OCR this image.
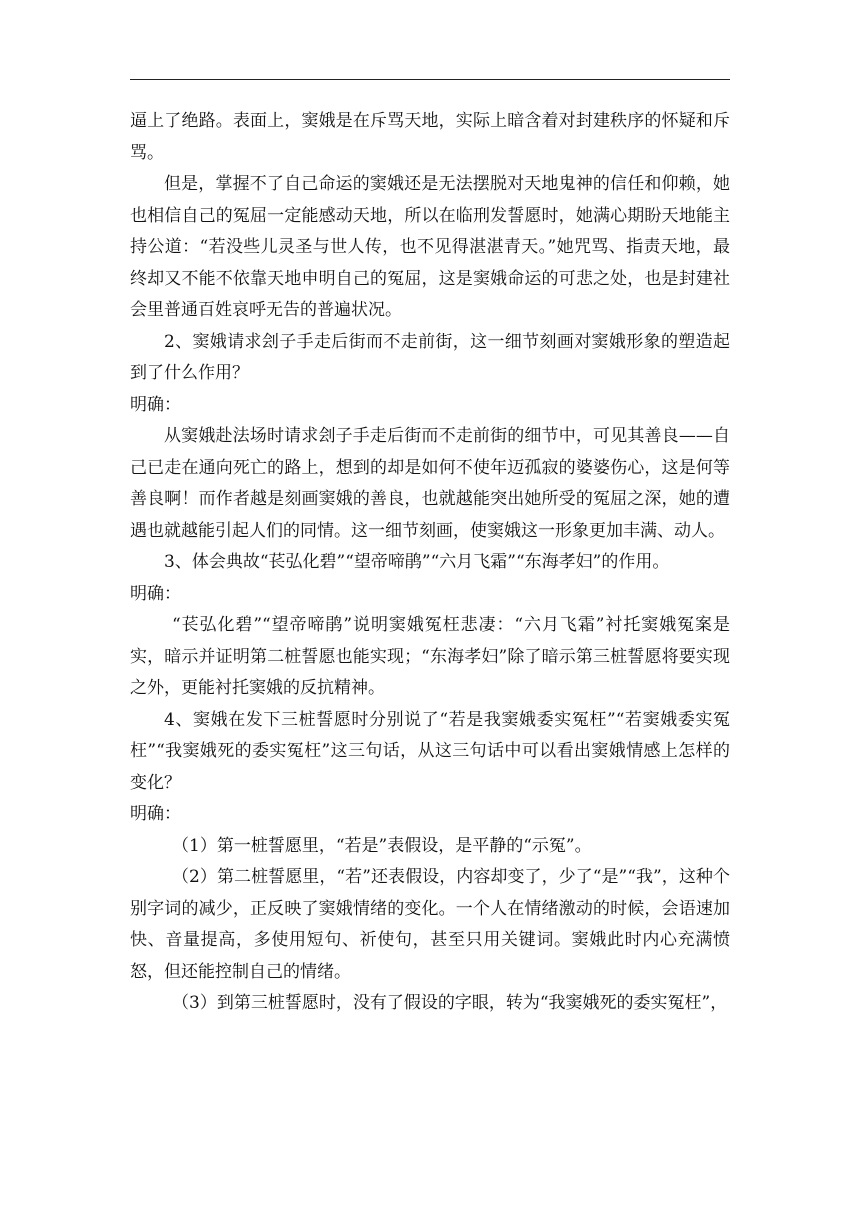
逼上了绝路。表面上，窦娥是在斥骂天地，实际上暗含着对封建秩序的怀疑和斥骂。

但是，掌握不了自己命运的窦娥还是无法摆脱对天地鬼神的信任和仰赖，她也相信自己的冤屈一定能感动天地，所以在临刑发誓愿时，她满心期盼天地能主持公道：“若没些儿灵圣与世人传，也不见得湛湛青天。”她咒骂、指责天地，最终却又不能不依靠天地申明自己的冤屈，这是窦娥命运的可悲之处，也是封建社会里普通百姓哀呼无告的普遍状况。

2、窦娥请求刽子手走后街而不走前街，这一细节刻画对窦娥形象的塑造起到了什么作用？

明确：

从窦娥赴法场时请求刽子手走后街而不走前街的细节中，可见其善良——自己已走在通向死亡的路上，想到的却是如何不使年迈孤寂的婆婆伤心，这是何等善良啊！而作者越是刻画窦娥的善良，也就越能突出她所受的冤屈之深，她的遭遇也就越能引起人们的同情。这一细节刻画，使窦娥这一形象更加丰满、动人。

3、体会典故“苌弘化碧”“望帝啼鹃”“六月飞霜”“东海孝妇”的作用。

明确：

“苌弘化碧”“望帝啼鹃”说明窦娥冤枉悲凄：“六月飞霜”衬托窦娥冤案是实，暗示并证明第二桩誓愿也能实现；“东海孝妇”除了暗示第三桩誓愿将要实现之外，更能衬托窦娥的反抗精神。

4、窦娥在发下三桩誓愿时分别说了“若是我窦娥委实冤枉”“若窦娥委实冤枉”“我窦娥死的委实冤枉”这三句话，从这三句话中可以看出窦娥情感上怎样的变化？

明确：

（1）第一桩誓愿里，“若是”表假设，是平静的“示冤”。

（2）第二桩誓愿里，“若”还表假设，内容却变了，少了“是”“我”，这种个别字词的减少，正反映了窦娥情绪的变化。一个人在情绪激动的时候，会语速加快、音量提高，多使用短句、祈使句，甚至只用关键词。窦娥此时内心充满愤怒，但还能控制自己的情绪。

（3）到第三桩誓愿时，没有了假设的字眼，转为“我窦娥死的委实冤枉”，
